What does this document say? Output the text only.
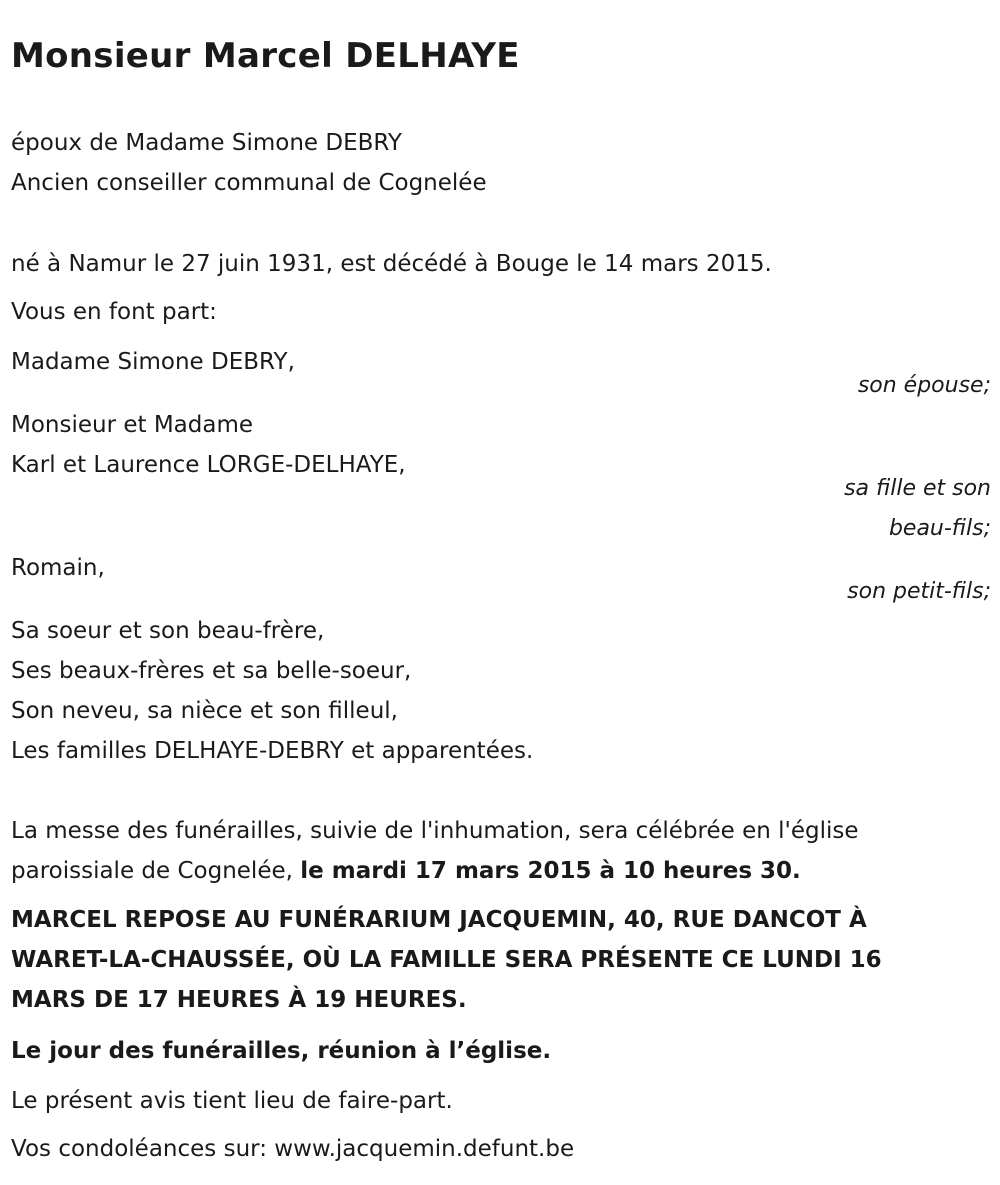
Monsieur Marcel DELHAYE
époux de Madame Simone DEBRY
Ancien conseiller communal de Cognelée
né à Namur le 27 juin 1931, est décédé à Bouge le 14 mars 2015.
Vous en font part:
Madame Simone DEBRY,
son épouse;
Monsieur et Madame
Karl et Laurence LORGE-DELHAYE,
sa fille et son
beau-fils;
Romain,
son petit-fils;
Sa soeur et son beau-frère,
Ses beaux-frères et sa belle-soeur,
Son neveu, sa nièce et son filleul,
Les familles DELHAYE-DEBRY et apparentées.
La messe des funérailles, suivie de l'inhumation, sera célébrée en l'église
paroissiale de Cognelée, le mardi 17 mars 2015 à 10 heures 30.
MARCEL REPOSE AU FUNÉRARIUM JACQUEMIN, 40, RUE DANCOT À
WARET-LA-CHAUSSÉE, OÙ LA FAMILLE SERA PRÉSENTE CE LUNDI 16
MARS DE 17 HEURES À 19 HEURES.
Le jour des funérailles, réunion à l’église.
Le présent avis tient lieu de faire-part.
Vos condoléances sur: www.jacquemin.defunt.be
